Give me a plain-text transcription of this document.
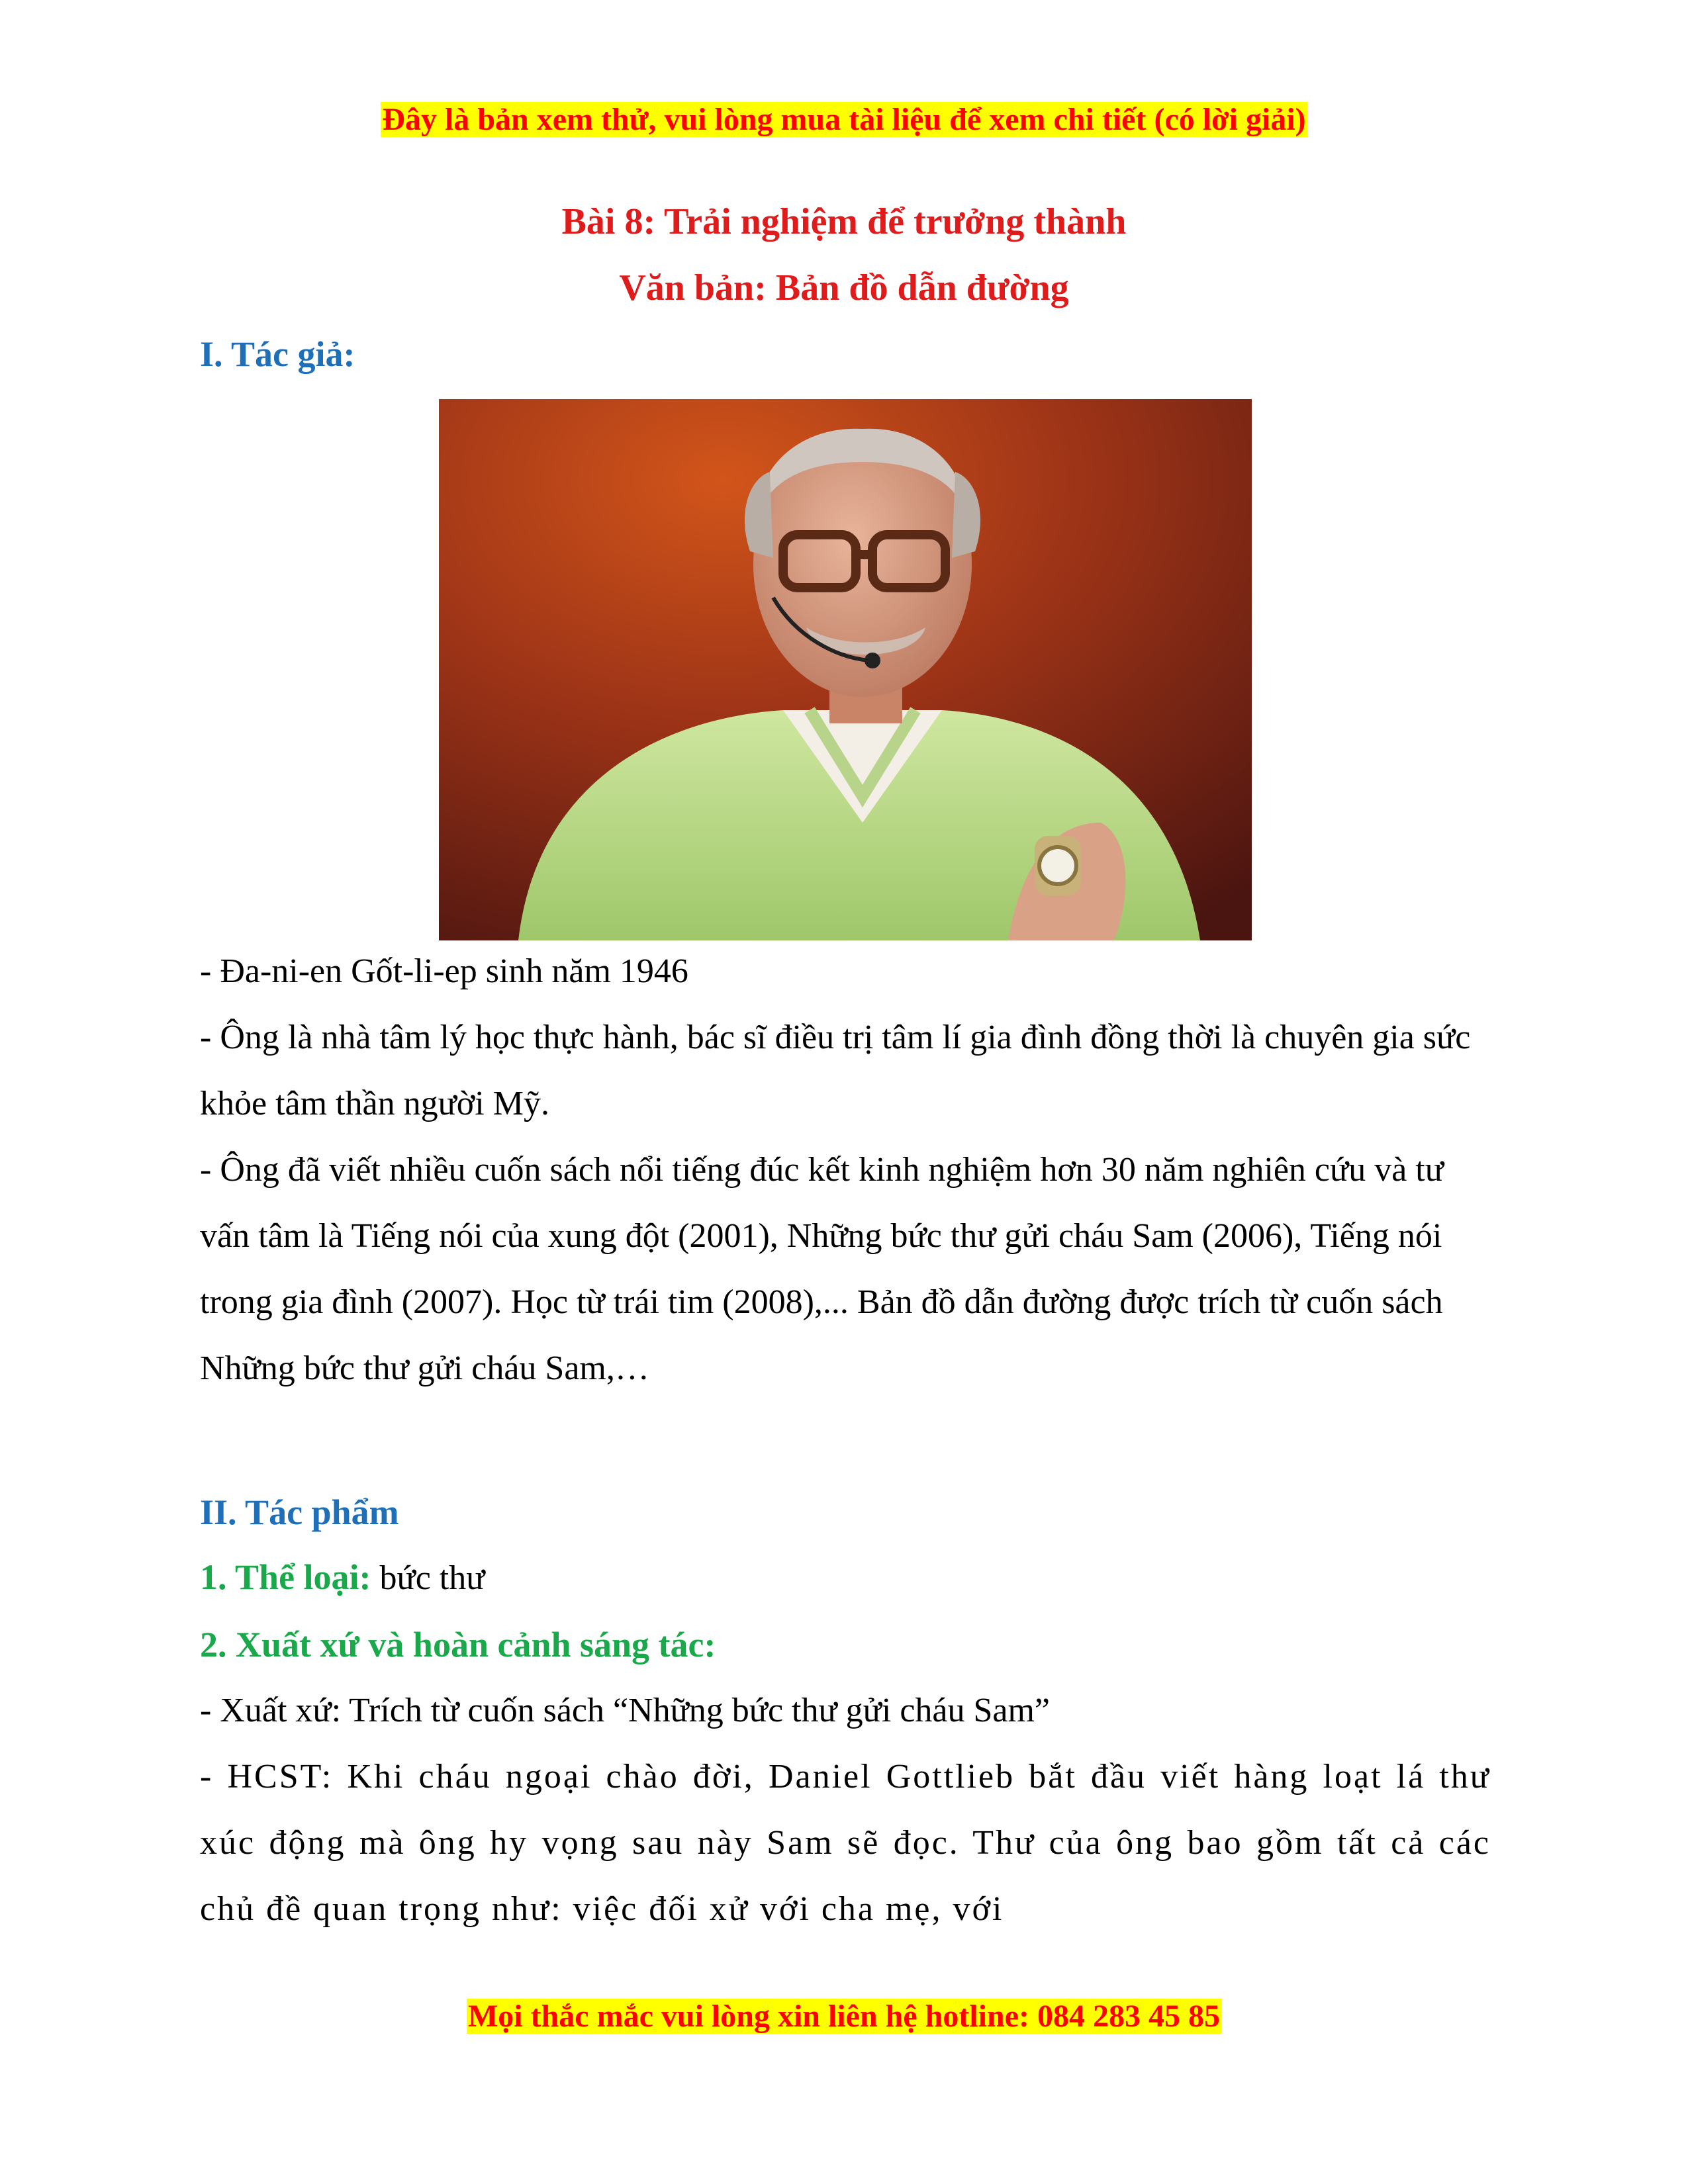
Đây là bản xem thử, vui lòng mua tài liệu để xem chi tiết (có lời giải)
Bài 8: Trải nghiệm để trưởng thành
Văn bản: Bản đồ dẫn đường
I. Tác giả:

- Đa-ni-en Gốt-li-ep sinh năm 1946

- Ông là nhà tâm lý học thực hành, bác sĩ điều trị tâm lí gia đình đồng thời là chuyên gia sức khỏe tâm thần người Mỹ.

- Ông đã viết nhiều cuốn sách nổi tiếng đúc kết kinh nghiệm hơn 30 năm nghiên cứu và tư vấn tâm là Tiếng nói của xung đột (2001), Những bức thư gửi cháu Sam (2006), Tiếng nói trong gia đình (2007). Học từ trái tim (2008),... Bản đồ dẫn đường được trích từ cuốn sách Những bức thư gửi cháu Sam,…

II. Tác phẩm
1. Thể loại: bức thư
2. Xuất xứ và hoàn cảnh sáng tác:

- Xuất xứ: Trích từ cuốn sách “Những bức thư gửi cháu Sam”

- HCST: Khi cháu ngoại chào đời, Daniel Gottlieb bắt đầu viết hàng loạt lá thư xúc động mà ông hy vọng sau này Sam sẽ đọc. Thư của ông bao gồm tất cả các chủ đề quan trọng như: việc đối xử với cha mẹ, với

Mọi thắc mắc vui lòng xin liên hệ hotline: 084 283 45 85
